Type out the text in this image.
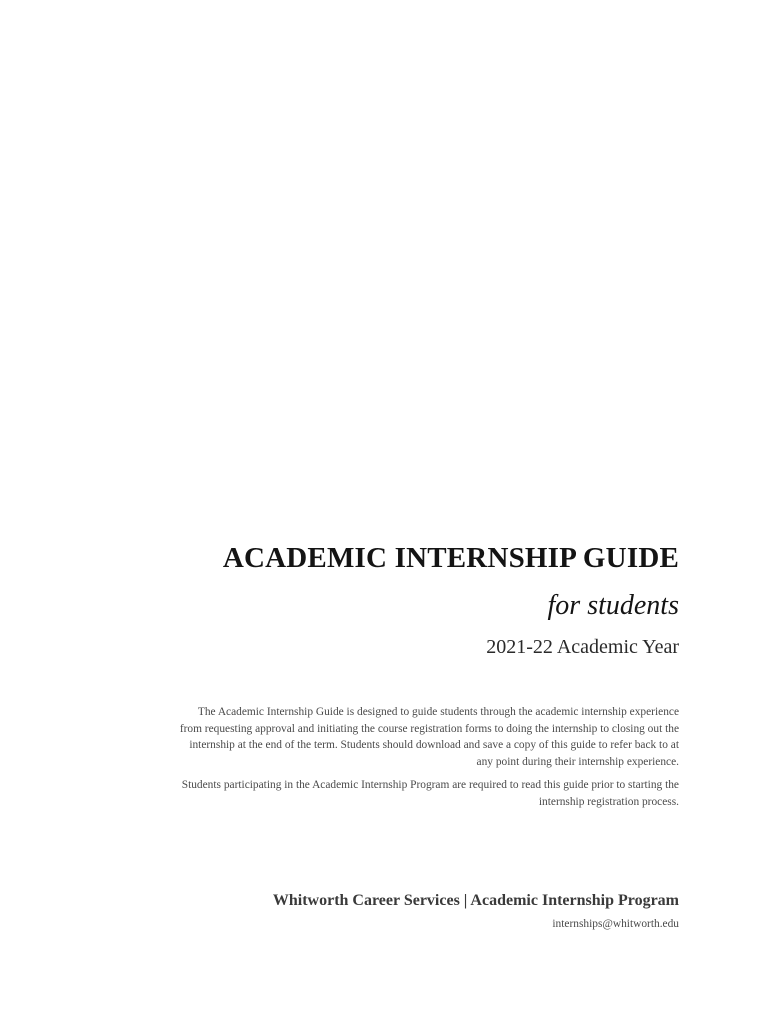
ACADEMIC INTERNSHIP GUIDE
for students
2021-22 Academic Year

The Academic Internship Guide is designed to guide students through the academic internship experience from requesting approval and initiating the course registration forms to doing the internship to closing out the internship at the end of the term. Students should download and save a copy of this guide to refer back to at any point during their internship experience.

Students participating in the Academic Internship Program are required to read this guide prior to starting the internship registration process.

Whitworth Career Services | Academic Internship Program
internships@whitworth.edu
